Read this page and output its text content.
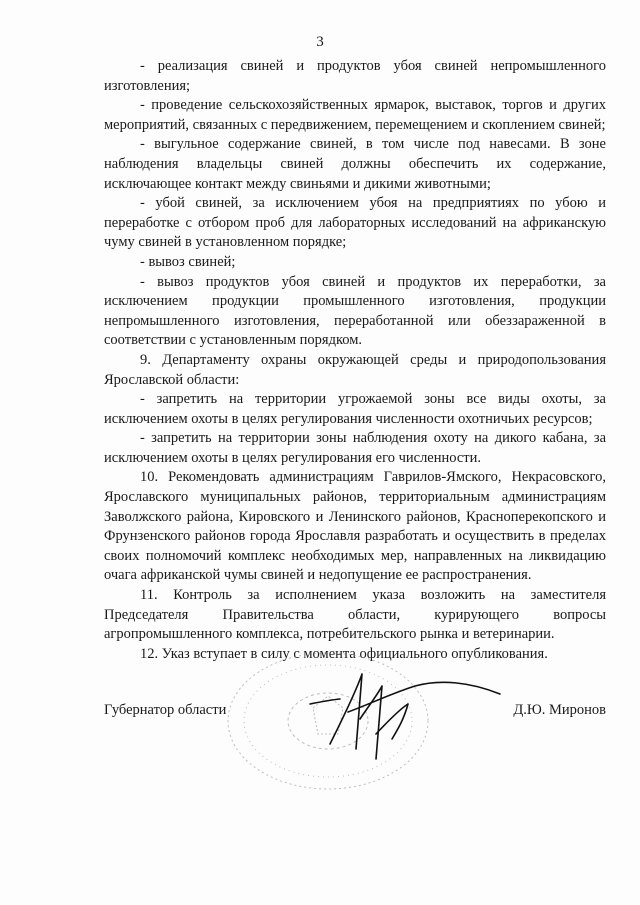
3

- реализация свиней и продуктов убоя свиней непромышленного изготовления;

- проведение сельскохозяйственных ярмарок, выставок, торгов и других мероприятий, связанных с передвижением, перемещением и скоплением свиней;

- выгульное содержание свиней, в том числе под навесами. В зоне наблюдения владельцы свиней должны обеспечить их содержание, исключающее контакт между свиньями и дикими животными;

- убой свиней, за исключением убоя на предприятиях по убою и переработке с отбором проб для лабораторных исследований на африканскую чуму свиней в установленном порядке;

- вывоз свиней;

- вывоз продуктов убоя свиней и продуктов их переработки, за исключением продукции промышленного изготовления, продукции непромышленного изготовления, переработанной или обеззараженной в соответствии с установленным порядком.

9. Департаменту охраны окружающей среды и природопользования Ярославской области:

- запретить на территории угрожаемой зоны все виды охоты, за исключением охоты в целях регулирования численности охотничьих ресурсов;

- запретить на территории зоны наблюдения охоту на дикого кабана, за исключением охоты в целях регулирования его численности.

10. Рекомендовать администрациям Гаврилов-Ямского, Некрасовского, Ярославского муниципальных районов, территориальным администрациям Заволжского района, Кировского и Ленинского районов, Красноперекопского и Фрунзенского районов города Ярославля разработать и осуществить в пределах своих полномочий комплекс необходимых мер, направленных на ликвидацию очага африканской чумы свиней и недопущение ее распространения.

11. Контроль за исполнением указа возложить на заместителя Председателя Правительства области, курирующего вопросы агропромышленного комплекса, потребительского рынка и ветеринарии.

12. Указ вступает в силу с момента официального опубликования.

Губернатор области	Д.Ю. Миронов
